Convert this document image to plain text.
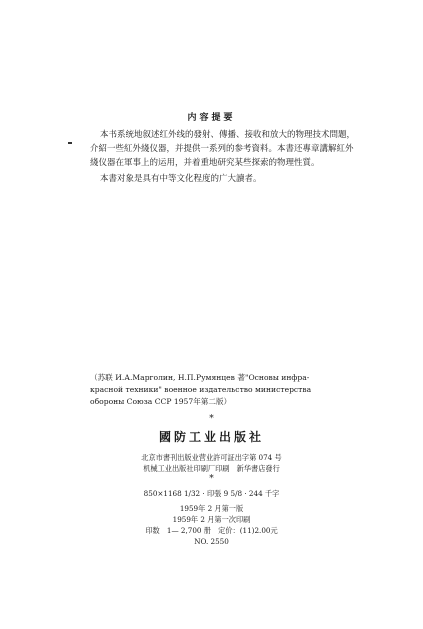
内容提要

本书系统地叙述红外线的發射、傳播、接收和放大的物理技术問題，介紹一些紅外綫仪器，并提供一系列的参考資料。本書还專章講解紅外綫仪器在軍事上的运用，并着重地研究某些探索的物理性質。

本書对象是具有中等文化程度的广大讀者。

（苏联 И.А.Марголин, Н.П.Румянцев 著"Основы инфра-
красной техники" военное издательство министерства
обороны Союза ССР 1957年第二版）
*
國防工业出版社
北京市書刊出版业营业許可証出字第 074 号
机械工业出版社印刷厂印刷　新华書店發行
*
850×1168 1/32 · 印張 9 5/8 · 244 千字
1959年 2 月第一版
1959年 2 月第一次印刷
印数　1— 2,700 册　定价：(11)2.00元
NO. 2550
